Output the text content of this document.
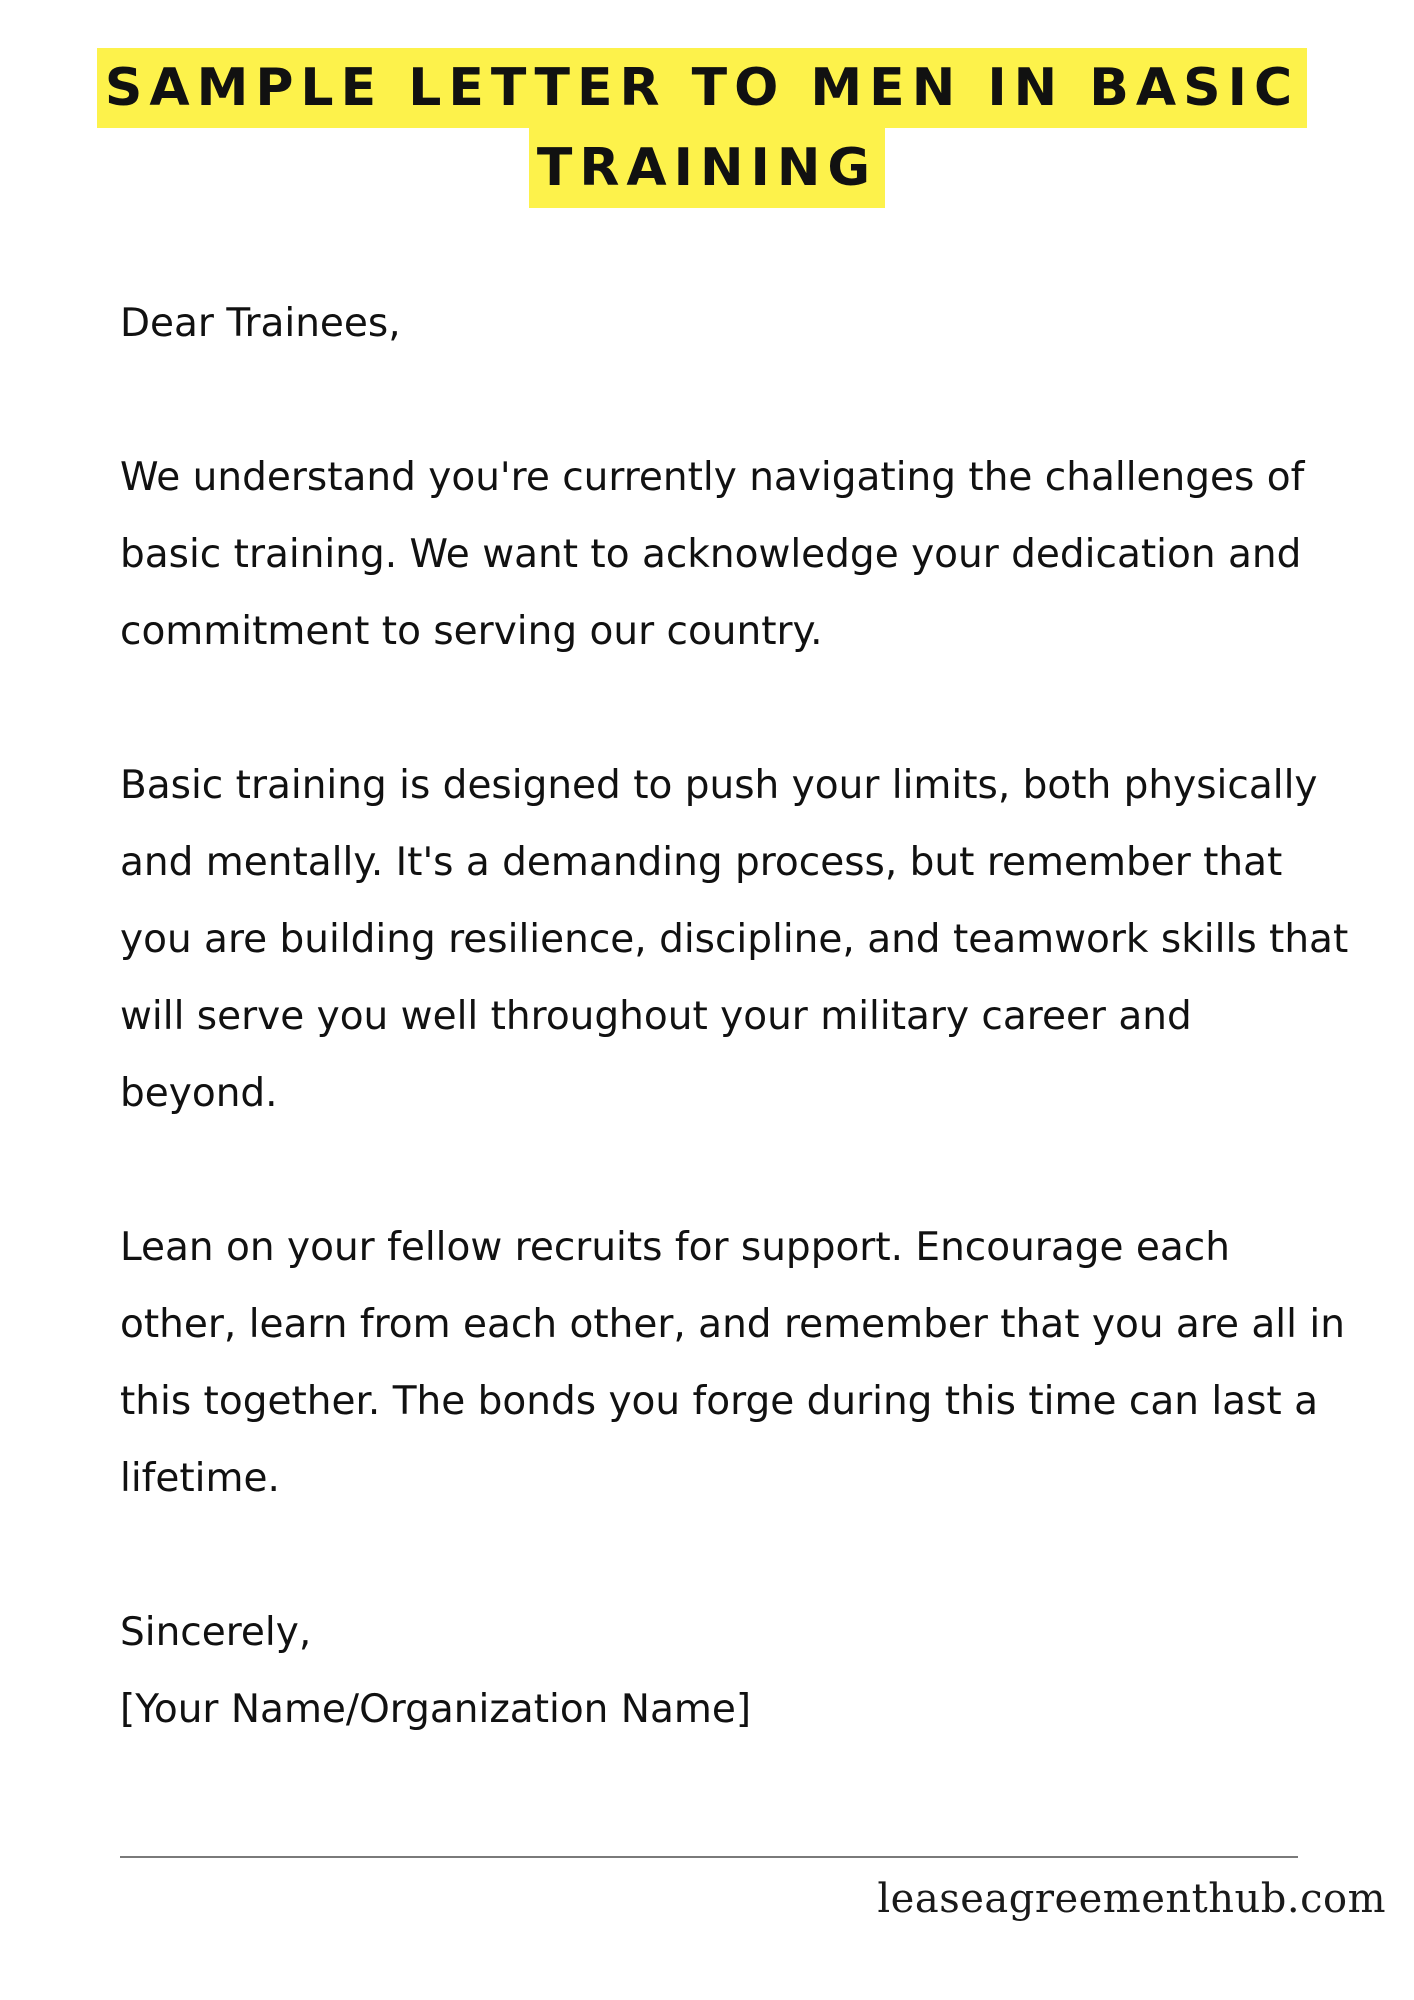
SAMPLE LETTER TO MEN IN BASIC
TRAINING

Dear Trainees,

We understand you're currently navigating the challenges of basic training. We want to acknowledge your dedication and commitment to serving our country.

Basic training is designed to push your limits, both physically and mentally. It's a demanding process, but remember that you are building resilience, discipline, and teamwork skills that will serve you well throughout your military career and beyond.

Lean on your fellow recruits for support. Encourage each other, learn from each other, and remember that you are all in this together. The bonds you forge during this time can last a lifetime.

Sincerely,

[Your Name/Organization Name]

leaseagreementhub.com
